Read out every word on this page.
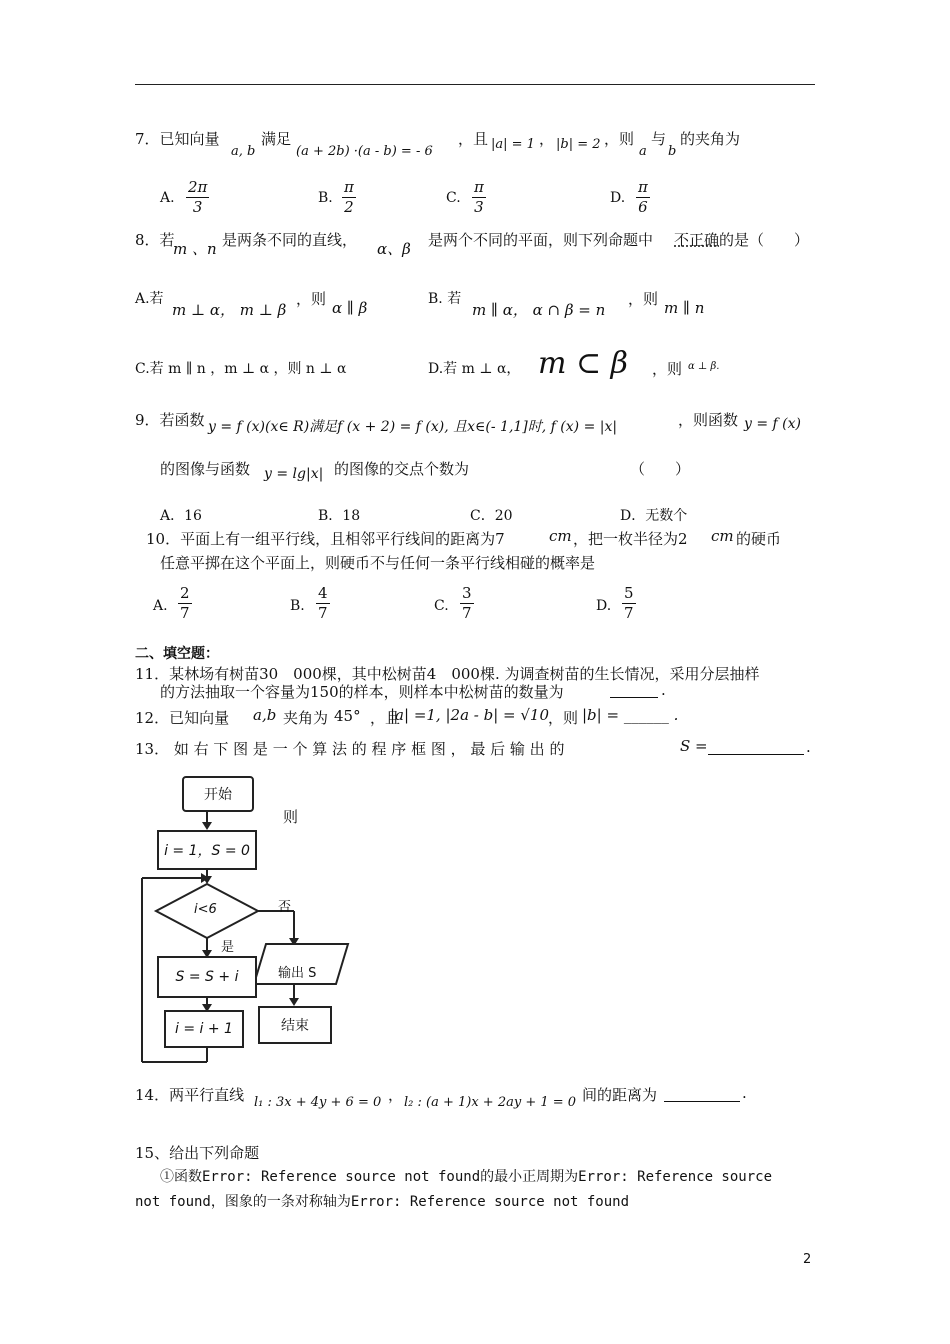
7．已知向量
a, b
满足
(a + 2b) ·(a - b) = - 6
，且 |a| = 1 ， |b| = 2 ，则
a
与
b
的夹角为
A. $\frac{2\pi}{3}$	B. $\frac{\pi}{2}$	C. $\frac{\pi}{3}$	D. $\frac{\pi}{6}$
8．若
m 、n 是两条不同的直线， α、β 是两个不同的平面，则下列命题中 不正确 的是（　　）
A.若
m ⊥ α， m ⊥ β
，则 α ∥ β	B. 若
m ∥ α， α ∩ β = n
，则 m ∥ n
C.若 m ∥ n ，m ⊥ α ，则 n ⊥ α	D.若 m ⊥ α， m ⊂ β ，则 α ⊥ β.
9．若函数 y = f (x)(x∈ R)满足f (x + 2) = f (x), 且x∈(- 1,1]时, f (x) = |x|	，则函数 y = f (x)
的图像与函数 y = lg|x| 的图像的交点个数为	（　　）
A．16	B．18	C．20	D．无数个
10．平面上有一组平行线，且相邻平行线间的距离为7	cm ，把一枚半径为2 cm 的硬币
任意平掷在这个平面上，则硬币不与任何一条平行线相碰的概率是
A. $\frac{2}{7}$	B. $\frac{4}{7}$	C. $\frac{3}{7}$	D. $\frac{5}{7}$
二、填空题：
11．某林场有树苗30　000棵，其中松树苗4　000棵. 为调查树苗的生长情况，采用分层抽样
的方法抽取一个容量为150的样本，则样本中松树苗的数量为	.
12．已知向量 a,b 夹角为 45° ，且
|a| =1, |2a - b| = √10
，则 |b| = ______ .
13． 如 右 下 图 是 一 个 算 法 的 程 序 框 图 ， 最 后 输 出 的	S =	.
开始
i = 1，S = 0
i<6
是
否
S = S + i
i = i + 1
输出 S
结束
则
14．两平行直线 l₁ : 3x + 4y + 6 = 0 ， l₂ : (a + 1)x + 2ay + 1 = 0 间的距离为	.
15、给出下列命题
①函数Error: Reference source not found的最小正周期为Error: Reference source
not found，图象的一条对称轴为Error: Reference source not found
2
